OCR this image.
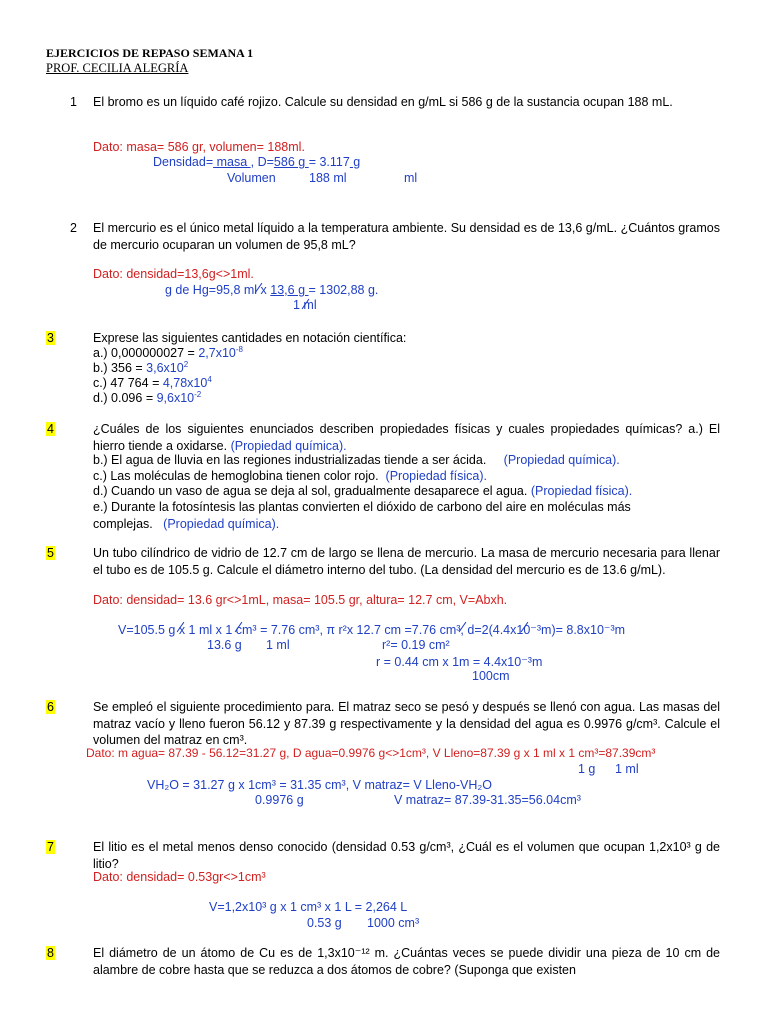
EJERCICIOS DE REPASO SEMANA 1
PROF. CECILIA ALEGRÍA
1 El bromo es un líquido café rojizo. Calcule su densidad en g/mL si 586 g de la sustancia ocupan 188 mL.
Dato: masa= 586 gr, volumen= 188ml.
Densidad= masa , D=586 g = 3.117 g
Volumen	188 ml	ml
2 El mercurio es el único metal líquido a la temperatura ambiente. Su densidad es de 13,6 g/mL. ¿Cuántos gramos de mercurio ocuparan un volumen de 95,8 mL?
Dato: densidad=13,6g<>1ml.
g de Hg=95,8 ml x 13,6 g = 1302,88 g.
1 ml
3	Exprese las siguientes cantidades en notación científica:
a.) $0,000000027 = 2,7x10^{-8}$
b.) $356 = 3,6x10^2$
c.) 47 $764 = 4,78x10^4$
d.) $0.096 = 9,6x10^{-2}$
4	¿Cuáles de los siguientes enunciados describen propiedades físicas y cuales propiedades químicas? a.) El hierro tiende a oxidarse. (Propiedad química).
b.) El agua de lluvia en las regiones industrializadas tiende a ser ácida. (Propiedad química).
c.) Las moléculas de hemoglobina tienen color rojo. (Propiedad física).
d.) Cuando un vaso de agua se deja al sol, gradualmente desaparece el agua. (Propiedad física).
e.) Durante la fotosíntesis las plantas convierten el dióxido de carbono del aire en moléculas más complejas. (Propiedad química).
5	Un tubo cilíndrico de vidrio de 12.7 cm de largo se llena de mercurio. La masa de mercurio necesaria para llenar el tubo es de 105.5 g. Calcule el diámetro interno del tubo. (La densidad del mercurio es de 13.6 g/mL).
Dato: densidad= 13.6 gr<>1mL, masa= 105.5 gr, altura= 12.7 cm, V=Abxh.
V=105.5 g x 1 ml x 1 cm³ = 7.76 cm³, π r²x 12.7 cm =7.76 cm³, d=2(4.4x10⁻³m)= 8.8x10⁻³m
13.6 g 1 ml	r²= 0.19 cm²
r = 0.44 cm x 1m = 4.4x10⁻³m
100cm
6	Se empleó el siguiente procedimiento para. El matraz seco se pesó y después se llenó con agua. Las masas del matraz vacío y lleno fueron 56.12 y 87.39 g respectivamente y la densidad del agua es 0.9976 g/cm³. Calcule el volumen del matraz en cm³.
Dato: m agua= 87.39 - 56.12=31.27 g, D agua=0.9976 g<>1cm³, V Lleno=87.39 g x 1 ml x 1 cm³=87.39cm³
1 g 1 ml
VH₂O = 31.27 g x 1cm³ = 31.35 cm³, V matraz= V Lleno-VH₂O
0.9976 g	V matraz= 87.39-31.35=56.04cm³
7	El litio es el metal menos denso conocido (densidad 0.53 g/cm³, ¿Cuál es el volumen que ocupan 1,2x10³ g de litio?
Dato: densidad= 0.53gr<>1cm³
V=1,2x10³ g x 1 cm³ x 1 L = 2,264 L
0.53 g 1000 cm³
8	El diámetro de un átomo de Cu es de 1,3x10⁻¹² m. ¿Cuántas veces se puede dividir una pieza de 10 cm de alambre de cobre hasta que se reduzca a dos átomos de cobre? (Suponga que existen
